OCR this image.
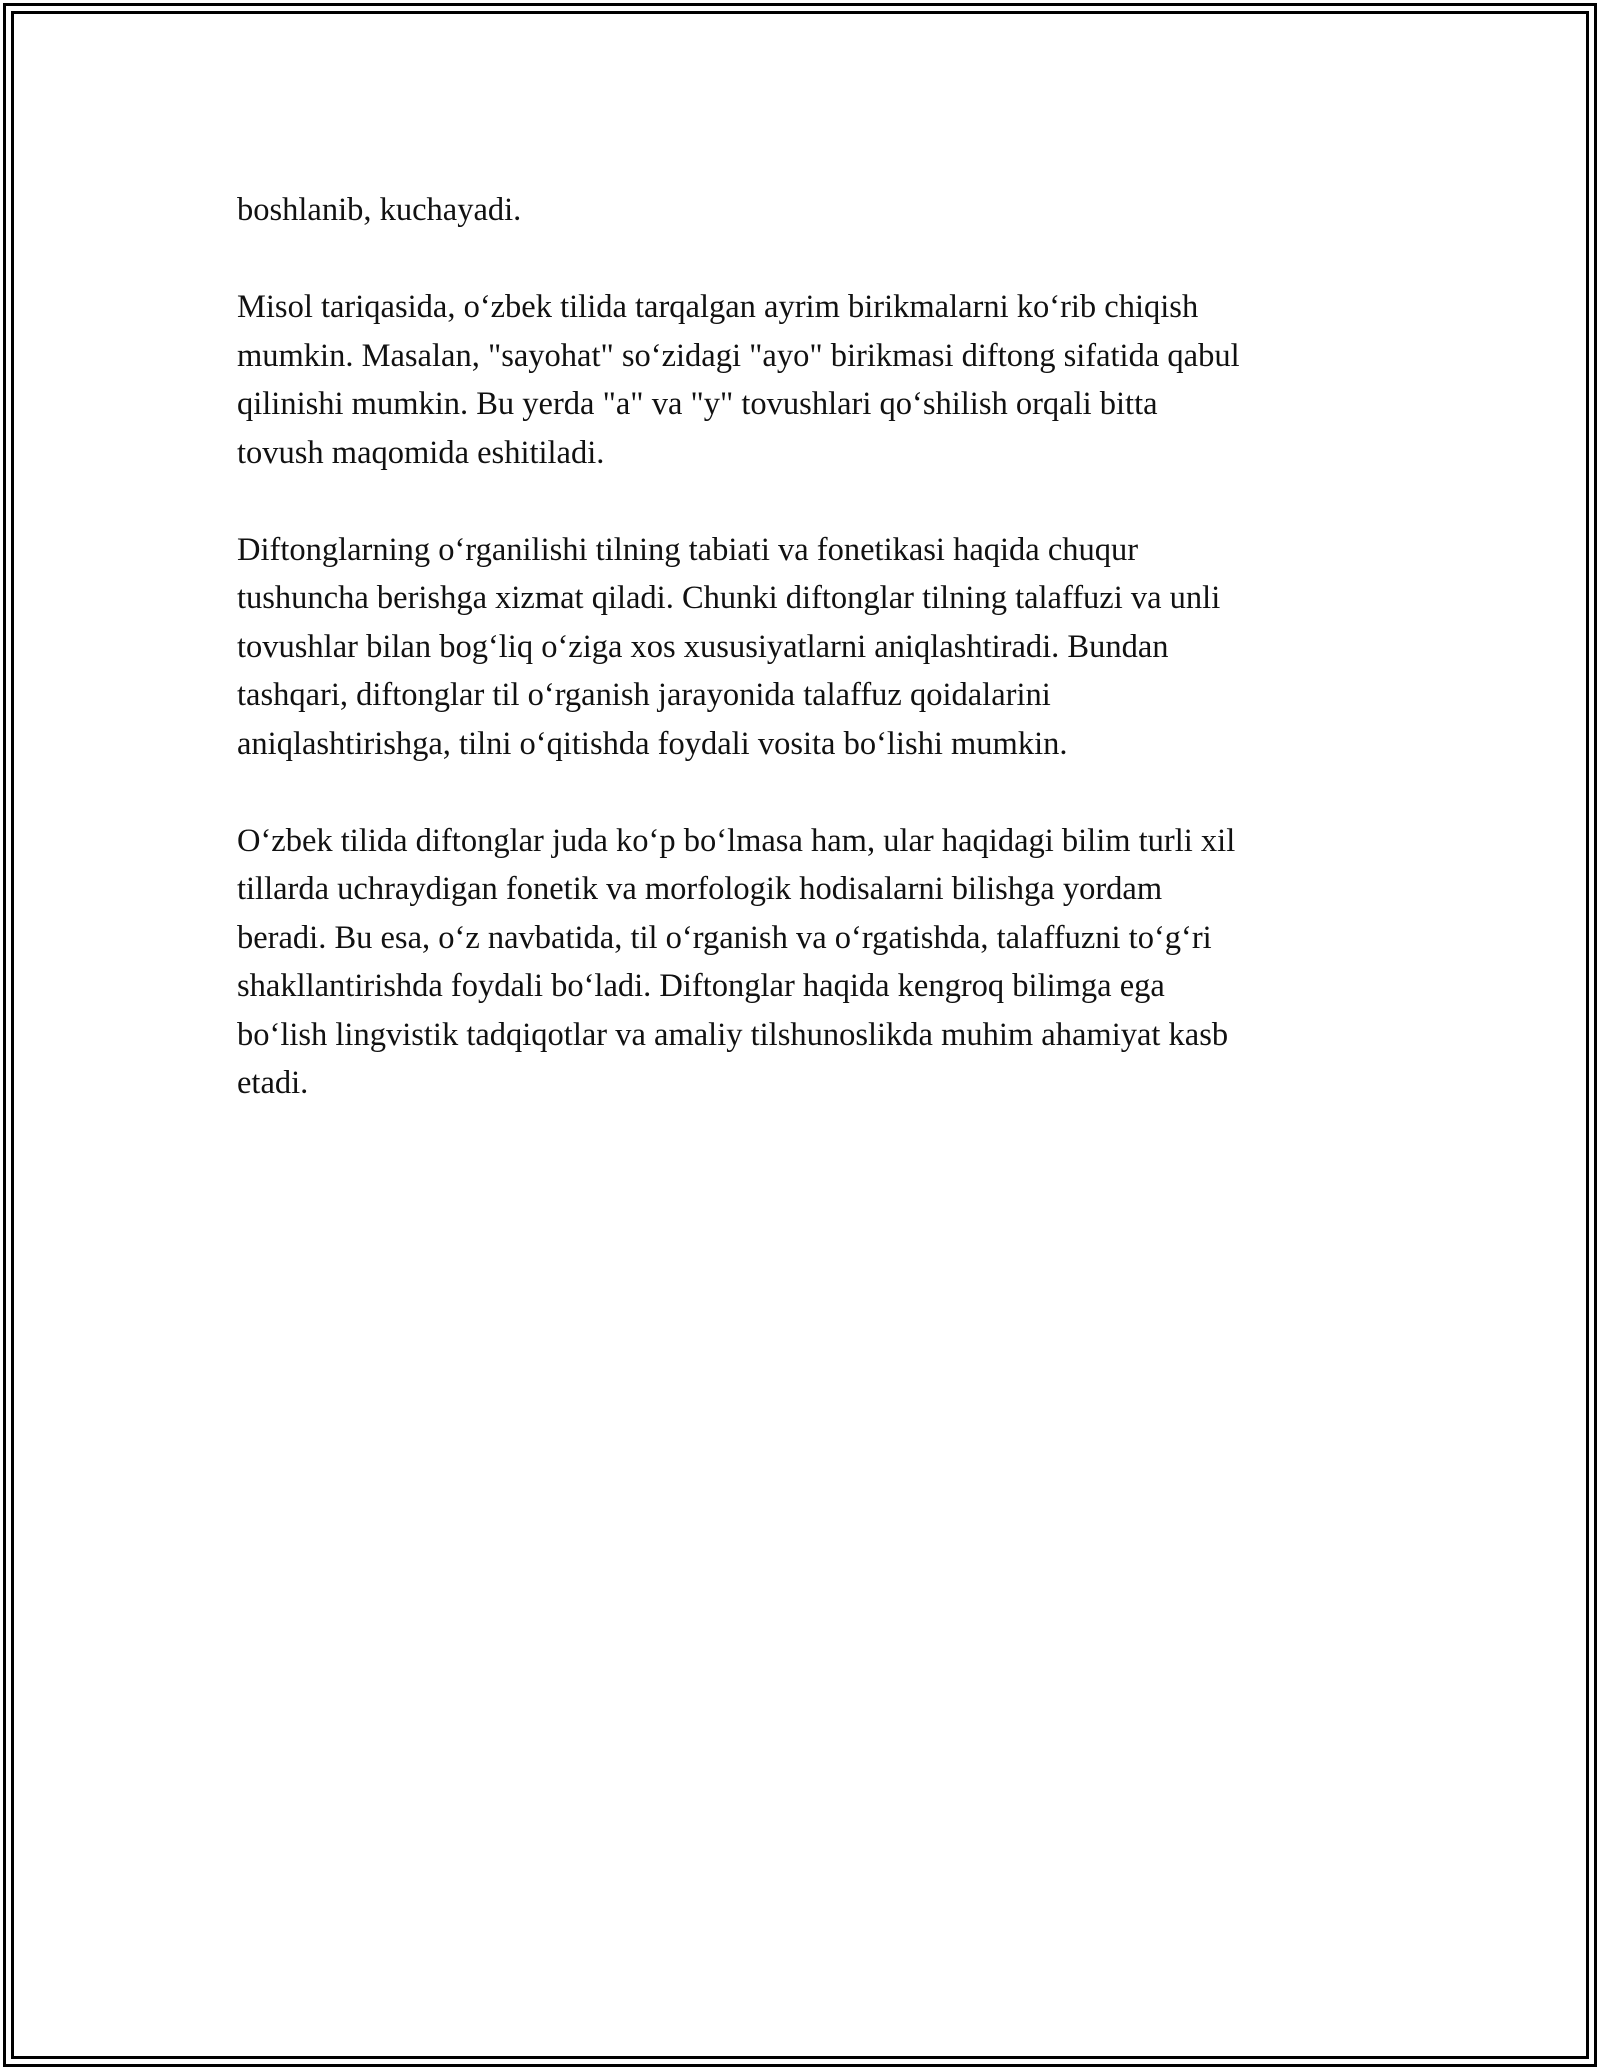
boshlanib, kuchayadi.

Misol tariqasida, o‘zbek tilida tarqalgan ayrim birikmalarni ko‘rib chiqish
mumkin. Masalan, "sayohat" so‘zidagi "ayo" birikmasi diftong sifatida qabul
qilinishi mumkin. Bu yerda "a" va "y" tovushlari qo‘shilish orqali bitta
tovush maqomida eshitiladi.

Diftonglarning o‘rganilishi tilning tabiati va fonetikasi haqida chuqur
tushuncha berishga xizmat qiladi. Chunki diftonglar tilning talaffuzi va unli
tovushlar bilan bog‘liq o‘ziga xos xususiyatlarni aniqlashtiradi. Bundan
tashqari, diftonglar til o‘rganish jarayonida talaffuz qoidalarini
aniqlashtirishga, tilni o‘qitishda foydali vosita bo‘lishi mumkin.

O‘zbek tilida diftonglar juda ko‘p bo‘lmasa ham, ular haqidagi bilim turli xil
tillarda uchraydigan fonetik va morfologik hodisalarni bilishga yordam
beradi. Bu esa, o‘z navbatida, til o‘rganish va o‘rgatishda, talaffuzni to‘g‘ri
shakllantirishda foydali bo‘ladi. Diftonglar haqida kengroq bilimga ega
bo‘lish lingvistik tadqiqotlar va amaliy tilshunoslikda muhim ahamiyat kasb
etadi.
